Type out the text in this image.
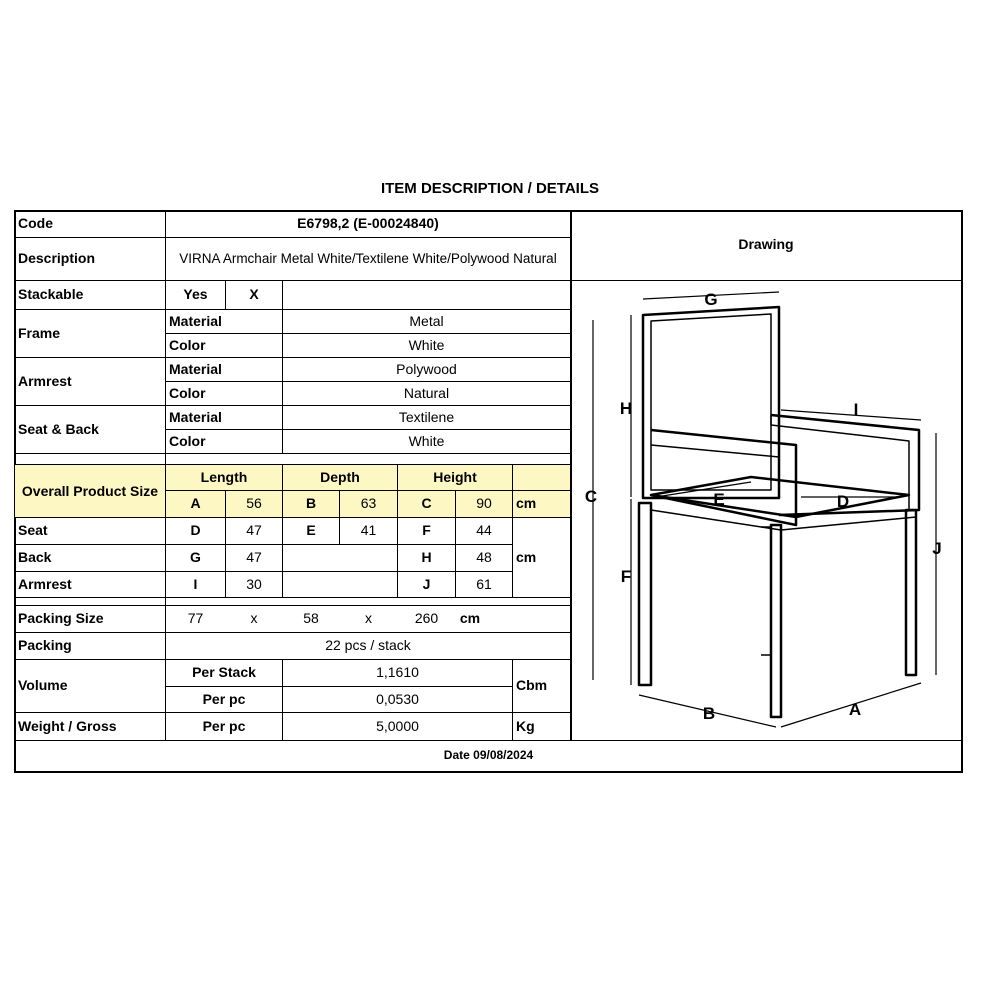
ITEM DESCRIPTION / DETAILS
Code	E6798,2 (E-00024840)
Description	VIRNA Armchair Metal White/Textilene White/Polywood Natural
Drawing
Stackable	Yes	X
Frame
Material	Metal
Color	White
Armrest
Material	Polywood
Color	Natural
Seat & Back
Material	Textilene
Color	White
Overall Product Size
Length	Depth	Height
A	56	B	63	C	90	cm
Seat	D	47	E	41	F	44
Back	G	47	H	48	cm
Armrest	I	30	J	61
Packing Size	77	x	58	x	260	cm
Packing	22 pcs / stack
Volume
Per Stack	1,1610
Per pc	0,0530
Cbm
Weight / Gross	Per pc	5,0000	Kg
Date 09/08/2024
G
I
H
C
F
E	D
J
B	A
